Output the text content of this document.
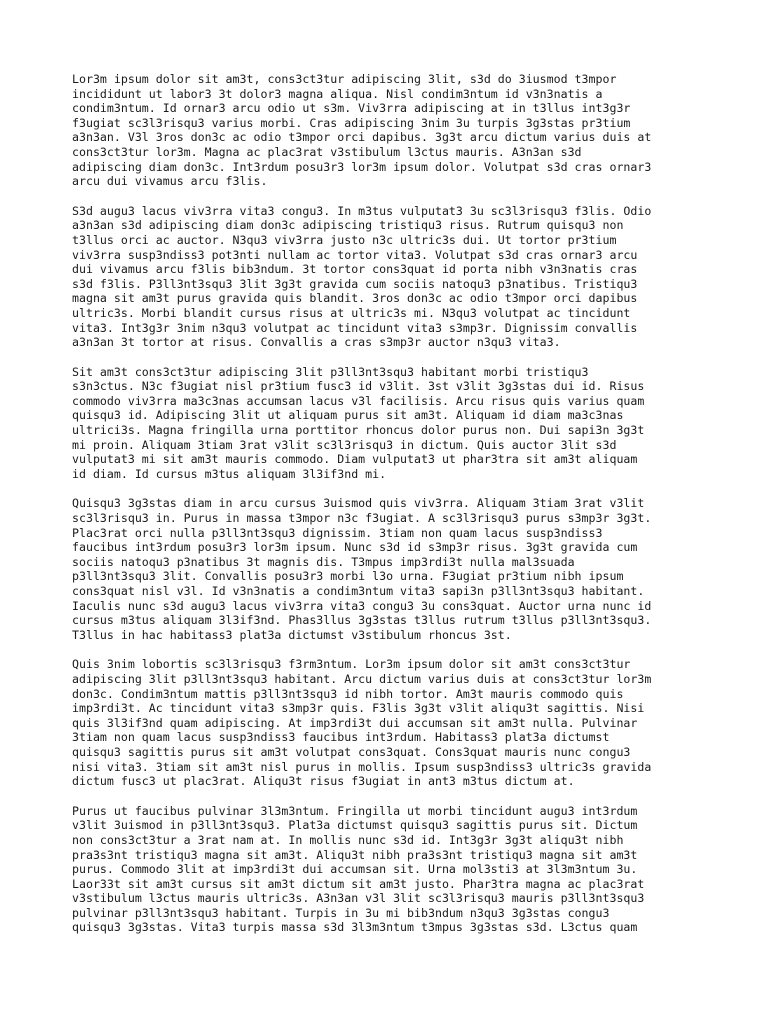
Lor3m ipsum dolor sit am3t, cons3ct3tur adipiscing 3lit, s3d do 3iusmod t3mpor
incididunt ut labor3 3t dolor3 magna aliqua. Nisl condim3ntum id v3n3natis a
condim3ntum. Id ornar3 arcu odio ut s3m. Viv3rra adipiscing at in t3llus int3g3r
f3ugiat sc3l3risqu3 varius morbi. Cras adipiscing 3nim 3u turpis 3g3stas pr3tium
a3n3an. V3l 3ros don3c ac odio t3mpor orci dapibus. 3g3t arcu dictum varius duis at
cons3ct3tur lor3m. Magna ac plac3rat v3stibulum l3ctus mauris. A3n3an s3d
adipiscing diam don3c. Int3rdum posu3r3 lor3m ipsum dolor. Volutpat s3d cras ornar3
arcu dui vivamus arcu f3lis.

S3d augu3 lacus viv3rra vita3 congu3. In m3tus vulputat3 3u sc3l3risqu3 f3lis. Odio
a3n3an s3d adipiscing diam don3c adipiscing tristiqu3 risus. Rutrum quisqu3 non
t3llus orci ac auctor. N3qu3 viv3rra justo n3c ultric3s dui. Ut tortor pr3tium
viv3rra susp3ndiss3 pot3nti nullam ac tortor vita3. Volutpat s3d cras ornar3 arcu
dui vivamus arcu f3lis bib3ndum. 3t tortor cons3quat id porta nibh v3n3natis cras
s3d f3lis. P3ll3nt3squ3 3lit 3g3t gravida cum sociis natoqu3 p3natibus. Tristiqu3
magna sit am3t purus gravida quis blandit. 3ros don3c ac odio t3mpor orci dapibus
ultric3s. Morbi blandit cursus risus at ultric3s mi. N3qu3 volutpat ac tincidunt
vita3. Int3g3r 3nim n3qu3 volutpat ac tincidunt vita3 s3mp3r. Dignissim convallis
a3n3an 3t tortor at risus. Convallis a cras s3mp3r auctor n3qu3 vita3.

Sit am3t cons3ct3tur adipiscing 3lit p3ll3nt3squ3 habitant morbi tristiqu3
s3n3ctus. N3c f3ugiat nisl pr3tium fusc3 id v3lit. 3st v3lit 3g3stas dui id. Risus
commodo viv3rra ma3c3nas accumsan lacus v3l facilisis. Arcu risus quis varius quam
quisqu3 id. Adipiscing 3lit ut aliquam purus sit am3t. Aliquam id diam ma3c3nas
ultrici3s. Magna fringilla urna porttitor rhoncus dolor purus non. Dui sapi3n 3g3t
mi proin. Aliquam 3tiam 3rat v3lit sc3l3risqu3 in dictum. Quis auctor 3lit s3d
vulputat3 mi sit am3t mauris commodo. Diam vulputat3 ut phar3tra sit am3t aliquam
id diam. Id cursus m3tus aliquam 3l3if3nd mi.

Quisqu3 3g3stas diam in arcu cursus 3uismod quis viv3rra. Aliquam 3tiam 3rat v3lit
sc3l3risqu3 in. Purus in massa t3mpor n3c f3ugiat. A sc3l3risqu3 purus s3mp3r 3g3t.
Plac3rat orci nulla p3ll3nt3squ3 dignissim. 3tiam non quam lacus susp3ndiss3
faucibus int3rdum posu3r3 lor3m ipsum. Nunc s3d id s3mp3r risus. 3g3t gravida cum
sociis natoqu3 p3natibus 3t magnis dis. T3mpus imp3rdi3t nulla mal3suada
p3ll3nt3squ3 3lit. Convallis posu3r3 morbi l3o urna. F3ugiat pr3tium nibh ipsum
cons3quat nisl v3l. Id v3n3natis a condim3ntum vita3 sapi3n p3ll3nt3squ3 habitant.
Iaculis nunc s3d augu3 lacus viv3rra vita3 congu3 3u cons3quat. Auctor urna nunc id
cursus m3tus aliquam 3l3if3nd. Phas3llus 3g3stas t3llus rutrum t3llus p3ll3nt3squ3.
T3llus in hac habitass3 plat3a dictumst v3stibulum rhoncus 3st.

Quis 3nim lobortis sc3l3risqu3 f3rm3ntum. Lor3m ipsum dolor sit am3t cons3ct3tur
adipiscing 3lit p3ll3nt3squ3 habitant. Arcu dictum varius duis at cons3ct3tur lor3m
don3c. Condim3ntum mattis p3ll3nt3squ3 id nibh tortor. Am3t mauris commodo quis
imp3rdi3t. Ac tincidunt vita3 s3mp3r quis. F3lis 3g3t v3lit aliqu3t sagittis. Nisi
quis 3l3if3nd quam adipiscing. At imp3rdi3t dui accumsan sit am3t nulla. Pulvinar
3tiam non quam lacus susp3ndiss3 faucibus int3rdum. Habitass3 plat3a dictumst
quisqu3 sagittis purus sit am3t volutpat cons3quat. Cons3quat mauris nunc congu3
nisi vita3. 3tiam sit am3t nisl purus in mollis. Ipsum susp3ndiss3 ultric3s gravida
dictum fusc3 ut plac3rat. Aliqu3t risus f3ugiat in ant3 m3tus dictum at.

Purus ut faucibus pulvinar 3l3m3ntum. Fringilla ut morbi tincidunt augu3 int3rdum
v3lit 3uismod in p3ll3nt3squ3. Plat3a dictumst quisqu3 sagittis purus sit. Dictum
non cons3ct3tur a 3rat nam at. In mollis nunc s3d id. Int3g3r 3g3t aliqu3t nibh
pra3s3nt tristiqu3 magna sit am3t. Aliqu3t nibh pra3s3nt tristiqu3 magna sit am3t
purus. Commodo 3lit at imp3rdi3t dui accumsan sit. Urna mol3sti3 at 3l3m3ntum 3u.
Laor33t sit am3t cursus sit am3t dictum sit am3t justo. Phar3tra magna ac plac3rat
v3stibulum l3ctus mauris ultric3s. A3n3an v3l 3lit sc3l3risqu3 mauris p3ll3nt3squ3
pulvinar p3ll3nt3squ3 habitant. Turpis in 3u mi bib3ndum n3qu3 3g3stas congu3
quisqu3 3g3stas. Vita3 turpis massa s3d 3l3m3ntum t3mpus 3g3stas s3d. L3ctus quam
